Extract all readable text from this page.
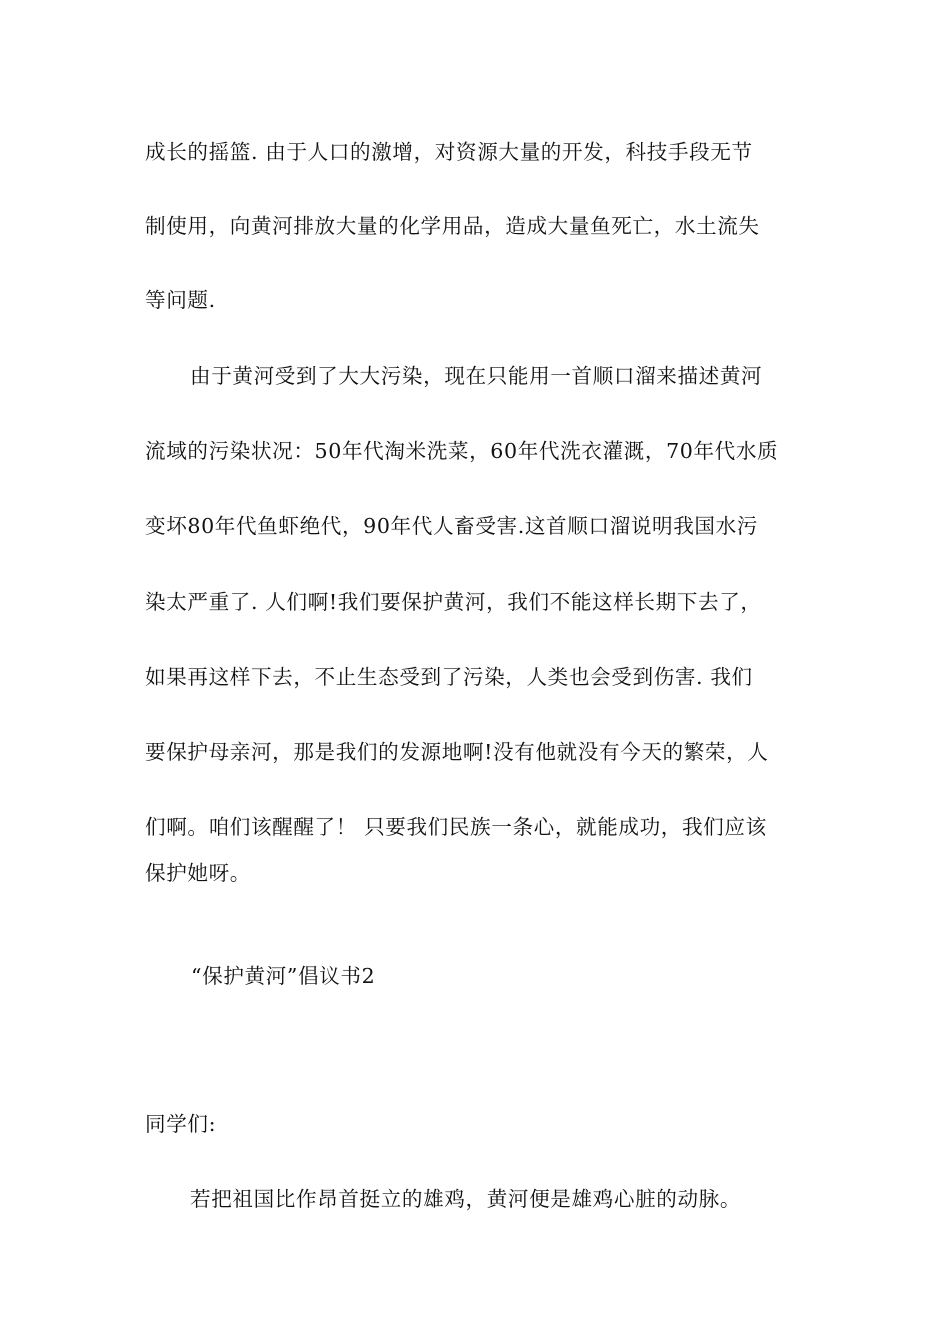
成长的摇篮. 由于人口的激增，对资源大量的开发，科技手段无节
制使用，向黄河排放大量的化学用品，造成大量鱼死亡，水土流失
等问题.
由于黄河受到了大大污染，现在只能用一首顺口溜来描述黄河
流域的污染状况：50年代淘米洗菜，60年代洗衣灌溉，70年代水质
变坏80年代鱼虾绝代，90年代人畜受害.这首顺口溜说明我国水污
染太严重了. 人们啊!我们要保护黄河，我们不能这样长期下去了，
如果再这样下去，不止生态受到了污染，人类也会受到伤害. 我们
要保护母亲河，那是我们的发源地啊!没有他就没有今天的繁荣，人
们啊。咱们该醒醒了！ 只要我们民族一条心，就能成功，我们应该
保护她呀。
“保护黄河”倡议书2
同学们:
若把祖国比作昂首挺立的雄鸡，黄河便是雄鸡心脏的动脉。
